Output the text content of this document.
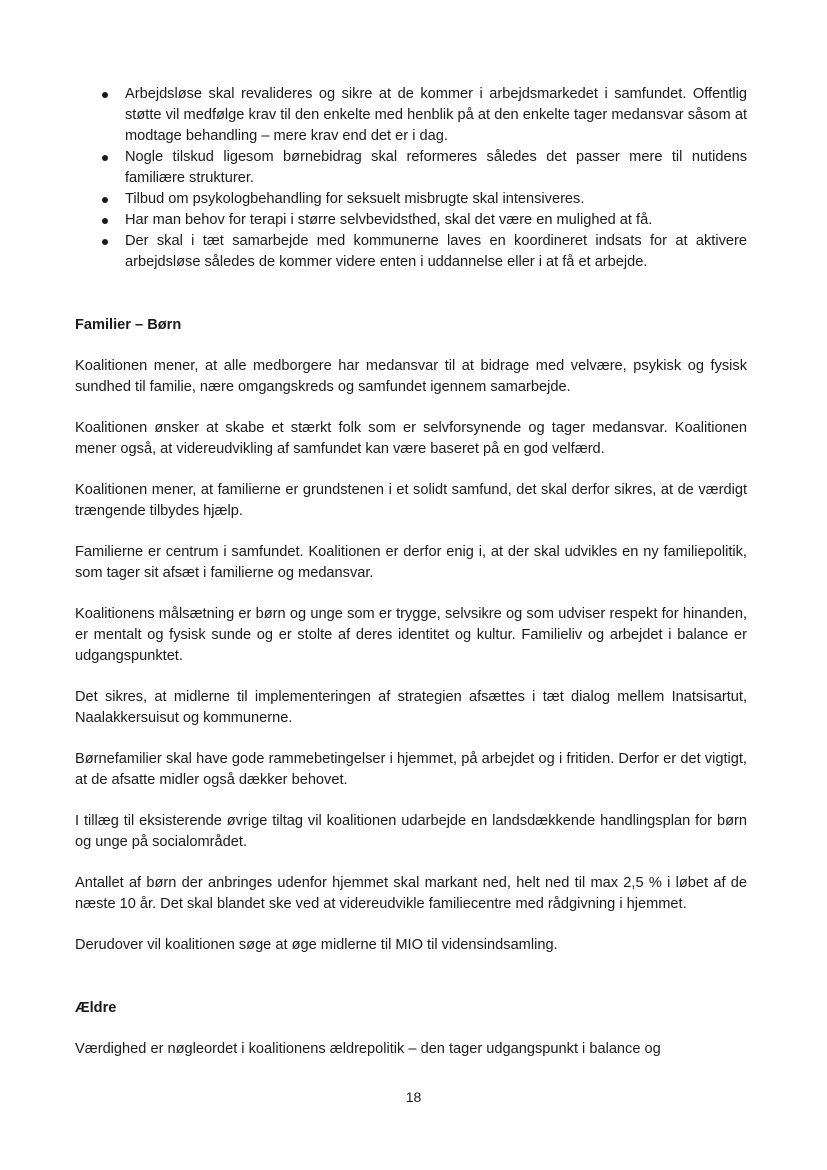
Arbejdsløse skal revalideres og sikre at de kommer i arbejdsmarkedet i samfundet. Offentlig støtte vil medfølge krav til den enkelte med henblik på at den enkelte tager medansvar såsom at modtage behandling – mere krav end det er i dag.
Nogle tilskud ligesom børnebidrag skal reformeres således det passer mere til nutidens familiære strukturer.
Tilbud om psykologbehandling for seksuelt misbrugte skal intensiveres.
Har man behov for terapi i større selvbevidsthed, skal det være en mulighed at få.
Der skal i tæt samarbejde med kommunerne laves en koordineret indsats for at aktivere arbejdsløse således de kommer videre enten i uddannelse eller i at få et arbejde.
Familier – Børn

Koalitionen mener, at alle medborgere har medansvar til at bidrage med velvære, psykisk og fysisk sundhed til familie, nære omgangskreds og samfundet igennem samarbejde.

Koalitionen ønsker at skabe et stærkt folk som er selvforsynende og tager medansvar. Koalitionen mener også, at videreudvikling af samfundet kan være baseret på en god velfærd.

Koalitionen mener, at familierne er grundstenen i et solidt samfund, det skal derfor sikres, at de værdigt trængende tilbydes hjælp.

Familierne er centrum i samfundet. Koalitionen er derfor enig i, at der skal udvikles en ny familiepolitik, som tager sit afsæt i familierne og medansvar.

Koalitionens målsætning er børn og unge som er trygge, selvsikre og som udviser respekt for hinanden, er mentalt og fysisk sunde og er stolte af deres identitet og kultur. Familieliv og arbejdet i balance er udgangspunktet.

Det sikres, at midlerne til implementeringen af strategien afsættes i tæt dialog mellem Inatsisartut, Naalakkersuisut og kommunerne.

Børnefamilier skal have gode rammebetingelser i hjemmet, på arbejdet og i fritiden. Derfor er det vigtigt, at de afsatte midler også dækker behovet.

I tillæg til eksisterende øvrige tiltag vil koalitionen udarbejde en landsdækkende handlingsplan for børn og unge på socialområdet.

Antallet af børn der anbringes udenfor hjemmet skal markant ned, helt ned til max 2,5 % i løbet af de næste 10 år. Det skal blandet ske ved at videreudvikle familiecentre med rådgivning i hjemmet.

Derudover vil koalitionen søge at øge midlerne til MIO til vidensindsamling.

Ældre

Værdighed er nøgleordet i koalitionens ældrepolitik – den tager udgangspunkt i balance og

18
